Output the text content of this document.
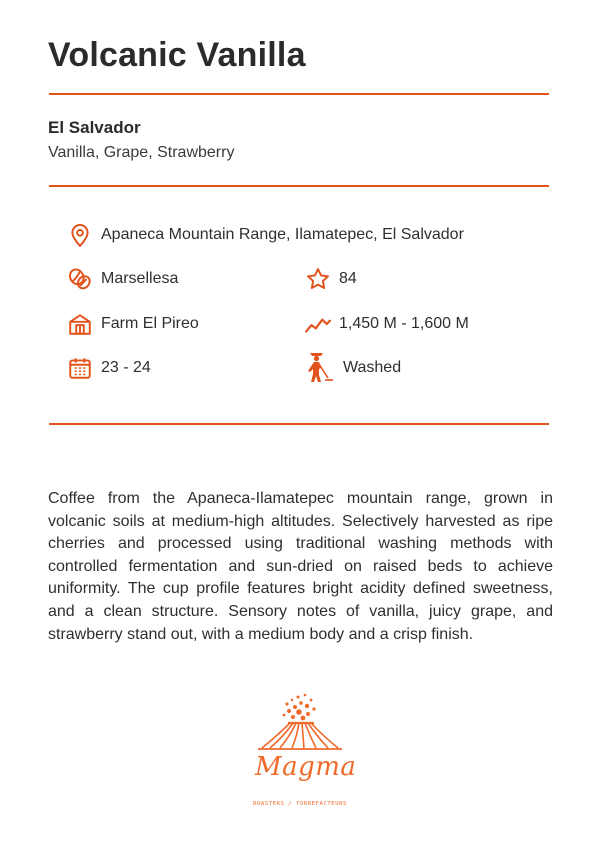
Volcanic Vanilla
El Salvador
Vanilla, Grape, Strawberry
Apaneca Mountain Range, Ilamatepec, El Salvador
Marsellesa	84
Farm El Pireo	1,450 M - 1,600 M
23 - 24	Washed

Coffee from the Apaneca-Ilamatepec mountain range, grown in volcanic soils at medium-high altitudes. Selectively harvested as ripe cherries and processed using traditional washing methods with controlled fermentation and sun-dried on raised beds to achieve uniformity. The cup profile features bright acidity defined sweetness, and a clean structure. Sensory notes of vanilla, juicy grape, and strawberry stand out, with a medium body and a crisp finish.

Magma
ROASTERS / TORREFACTEURS
